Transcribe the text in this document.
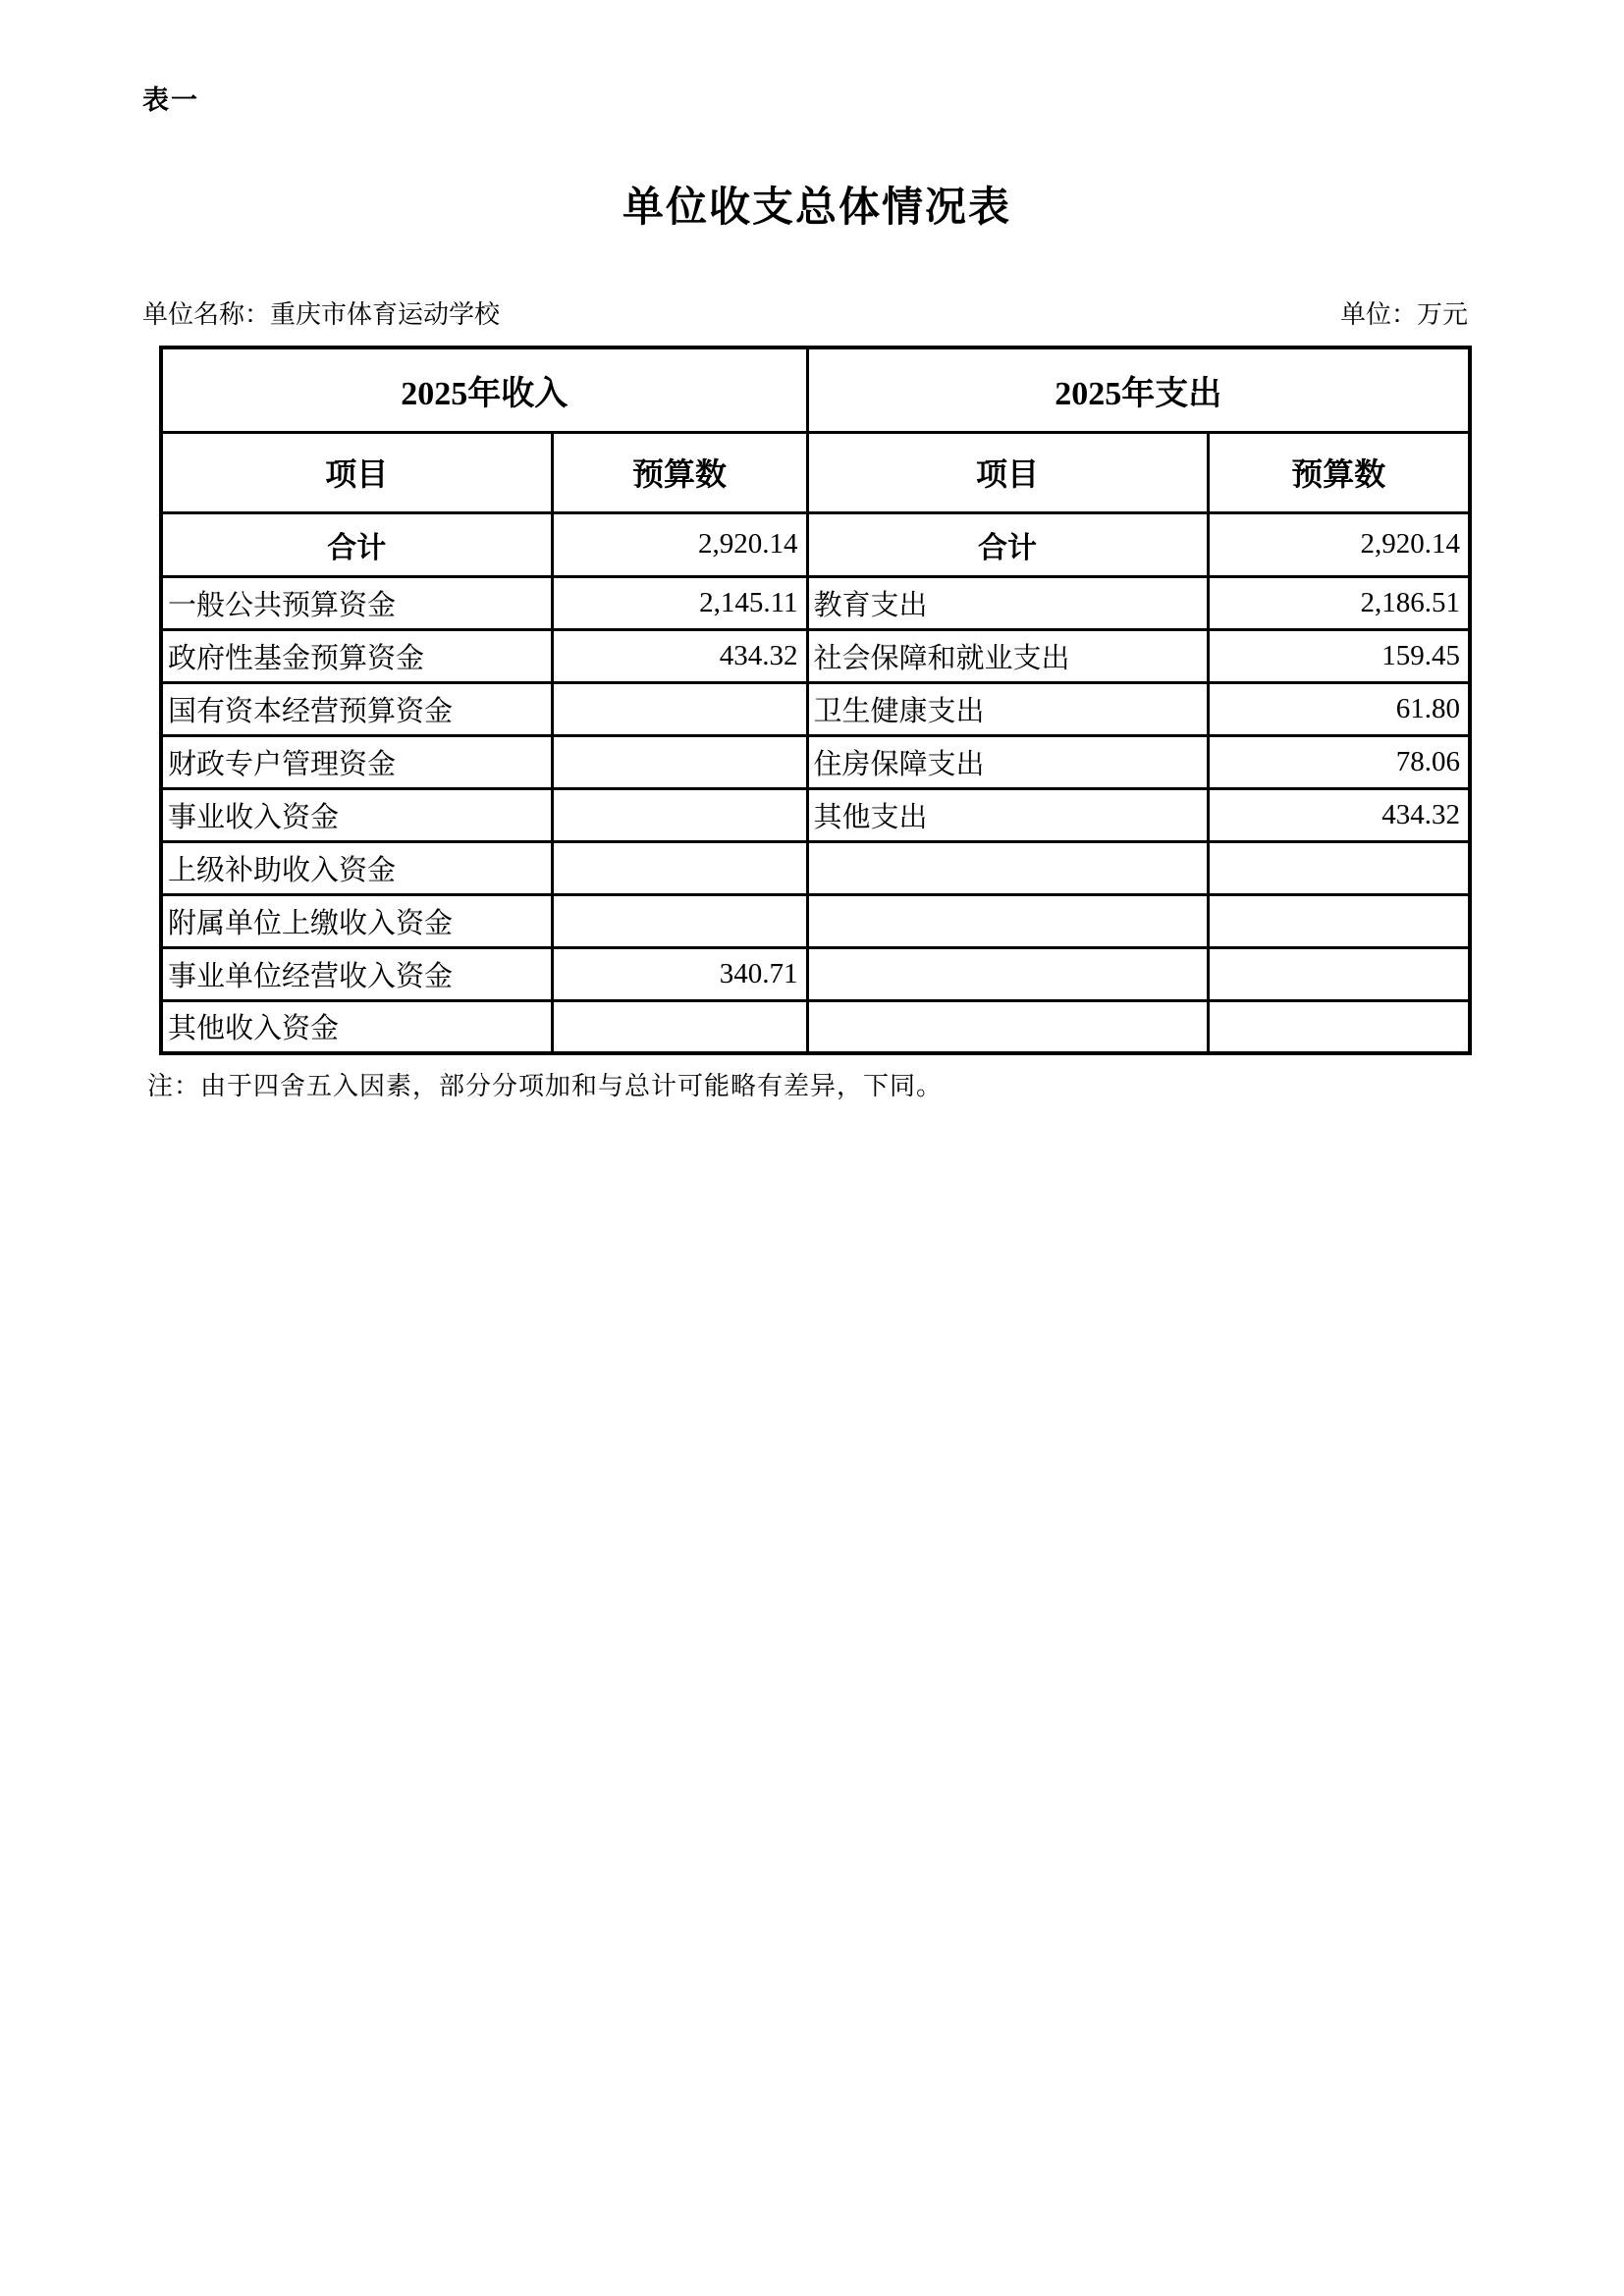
表一
单位收支总体情况表
单位名称：重庆市体育运动学校	单位：万元
2025年收入		2025年支出	
项目	预算数	项目	预算数
合计	2,920.14	合计	2,920.14
一般公共预算资金	2,145.11	教育支出	2,186.51
政府性基金预算资金	434.32	社会保障和就业支出	159.45
国有资本经营预算资金		卫生健康支出	61.80
财政专户管理资金		住房保障支出	78.06
事业收入资金		其他支出	434.32
上级补助收入资金			
附属单位上缴收入资金			
事业单位经营收入资金	340.71		
其他收入资金			
注：由于四舍五入因素，部分分项加和与总计可能略有差异，下同。
